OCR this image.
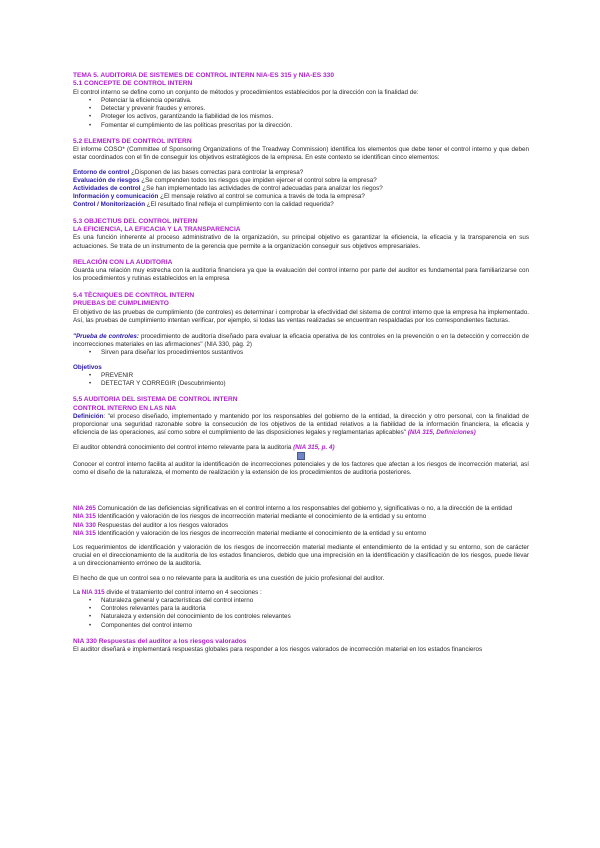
TEMA 5. AUDITORIA DE SISTEMES DE CONTROL INTERN NIA-ES 315 y NIA-ES 330

5.1 CONCEPTE DE CONTROL INTERN

El control interno se define como un conjunto de métodos y procedimientos establecidos por la dirección con la finalidad de:

• Potenciar la eficiencia operativa.
• Detectar y prevenir fraudes y errores.
• Proteger los activos, garantizando la fiabilidad de los mismos.
• Fomentar el cumplimiento de las políticas prescritas por la dirección.

5.2 ELEMENTS DE CONTROL INTERN

El informe COSO* (Committee of Sponsoring Organizations of the Treadway Commission) identifica los elementos que debe tener el control interno y que deben estar coordinados con el fin de conseguir los objetivos estratégicos de la empresa. En este contexto se identifican cinco elementos:

Entorno de control ¿Disponen de las bases correctas para controlar la empresa?

Evaluación de riesgos ¿Se comprenden todos los riesgos que impiden ejercer el control sobre la empresa?

Actividades de control ¿Se han implementado las actividades de control adecuadas para analizar los riegos?

Información y comunicación ¿El mensaje relativo al control se comunica a través de toda la empresa?

Control / Monitorización ¿El resultado final refleja el cumplimiento con la calidad requerida?

5.3 OBJECTIUS DEL CONTROL INTERN

LA EFICIENCIA, LA EFICACIA Y LA TRANSPARENCIA

Es una función inherente al proceso administrativo de la organización, su principal objetivo es garantizar la eficiencia, la eficacia y la transparencia en sus actuaciones. Se trata de un instrumento de la gerencia que permite a la organización conseguir sus objetivos empresariales.

RELACIÓN CON LA AUDITORIA

Guarda una relación muy estrecha con la auditoria financiera ya que la evaluación del control interno por parte del auditor es fundamental para familiarizarse con los procedimientos y rutinas establecidos en la empresa

5.4 TÈCNIQUES DE CONTROL INTERN

PRUEBAS DE CUMPLIMIENTO

El objetivo de las pruebas de cumplimiento (de controles) es determinar i comprobar la efectividad del sistema de control interno que la empresa ha implementado. Así, las pruebas de cumplimiento intentan verificar, por ejemplo, si todas las ventas realizadas se encuentran respaldadas por los correspondientes facturas.

"Prueba de controles: procedimiento de auditoría diseñado para evaluar la eficacia operativa de los controles en la prevención o en la detección y corrección de incorrecciones materiales en las afirmaciones" (NIA 330, pàg. 2)

• Sirven para diseñar los procedimientos sustantivos

Objetivos

• PREVENIR
• DETECTAR Y CORREGIR (Descubrimiento)

5.5 AUDITORIA DEL SISTEMA DE CONTROL INTERN

CONTROL INTERNO EN LAS NIA

Definición: "el proceso diseñado, implementado y mantenido por los responsables del gobierno de la entidad, la dirección y otro personal, con la finalidad de proporcionar una seguridad razonable sobre la consecución de los objetivos de la entidad relativos a la fiabilidad de la información financiera, la eficacia y eficiencia de las operaciones, así como sobre el cumplimiento de las disposiciones legales y reglamentarias aplicables" (NIA 315, Definiciones)

El auditor obtendrá conocimiento del control interno relevante para la auditoria (NIA 315, p. 4)

Conocer el control interno facilita al auditor la identificación de incorrecciones potenciales y de los factores que afectan a los riesgos de incorrección material, así como el diseño de la naturaleza, el momento de realización y la extensión de los procedimientos de auditoria posteriores.

NIA 265 Comunicación de las deficiencias significativas en el control interno a los responsables del gobierno y, significativas o no, a la dirección de la entidad

NIA 315 Identificación y valoración de los riesgos de incorrección material mediante el conocimiento de la entidad y su entorno

NIA 330 Respuestas del auditor a los riesgos valorados

NIA 315 Identificación y valoración de los riesgos de incorrección material mediante el conocimiento de la entidad y su entorno

Los requerimientos de identificación y valoración de los riesgos de incorrección material mediante el entendimiento de la entidad y su entorno, son de carácter crucial en el direccionamiento de la auditoría de los estados financieros, debido que una imprecisión en la identificación y clasificación de los riesgos, puede llevar a un direccionamiento erróneo de la auditoría.

El hecho de que un control sea o no relevante para la auditoria es una cuestión de juicio profesional del auditor.

La NIA 315 divide el tratamiento del control interno en 4 secciones :

• Naturaleza general y características del control interno
• Controles relevantes para la auditoria
• Naturaleza y extensión del conocimiento de los controles relevantes
• Componentes del control interno

NIA 330 Respuestas del auditor a los riesgos valorados

El auditor diseñará e implementará respuestas globales para responder a los riesgos valorados de incorrección material en los estados financieros
